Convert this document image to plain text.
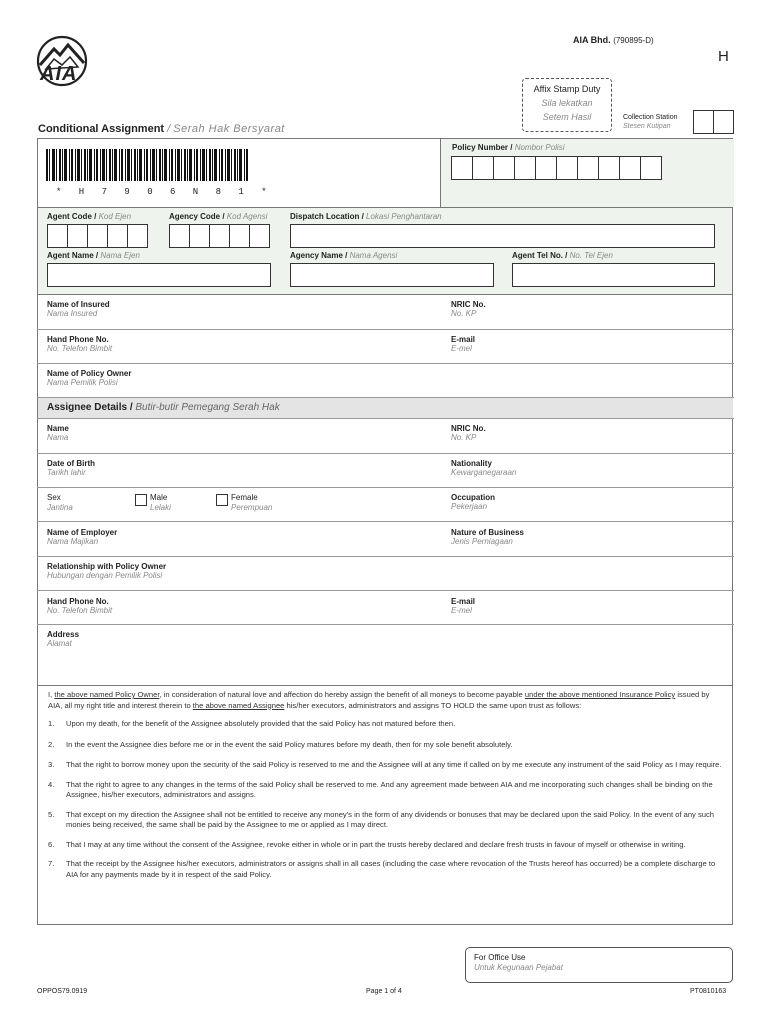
AIA
AIA Bhd. (790895-D)
H
Affix Stamp Duty
Sila lekatkan
Setem Hasil	Collection Station
Stesen Kutipan
Conditional Assignment / Serah Hak Bersyarat
* H 7 9 0 6 N 8 1 *
Policy Number / Nombor Polisi
Agent Code / Kod Ejen	Agency Code / Kod Agensi	Dispatch Location / Lokasi Penghantaran
Agent Name / Nama Ejen	Agency Name / Nama Agensi	Agent Tel No. / No. Tel Ejen
Name of Insured
Nama Insured
NRIC No.
No. KP
Hand Phone No.
No. Telefon Bimbit
E-mail
E-mel
Name of Policy Owner
Nama Pemilik Polisi
Assignee Details / Butir-butir Pemegang Serah Hak
Name
Nama
NRIC No.
No. KP
Date of Birth
Tarikh lahir
Nationality
Kewarganegaraan
Sex
Jantina
Male
Lelaki
Female
Perempuan
Occupation
Pekerjaan
Name of Employer
Nama Majikan
Nature of Business
Jenis Perniagaan
Relationship with Policy Owner
Hubungan dengan Pemilik Polisi
Hand Phone No.
No. Telefon Bimbit
E-mail
E-mel
Address
Alamat
I, the above named Policy Owner, in consideration of natural love and affection do hereby assign the benefit of all moneys to become payable under the above mentioned Insurance Policy issued by AIA, all my right title and interest therein to the above named Assignee his/her executors, administrators and assigns TO HOLD the same upon trust as follows:
1.	Upon my death, for the benefit of the Assignee absolutely provided that the said Policy has not matured before then.
2.	In the event the Assignee dies before me or in the event the said Policy matures before my death, then for my sole benefit absolutely.
3.	That the right to borrow money upon the security of the said Policy is reserved to me and the Assignee will at any time if called on by me execute any instrument of the said Policy as I may require.
4.	That the right to agree to any changes in the terms of the said Policy shall be reserved to me. And any agreement made between AIA and me incorporating such changes shall be binding on the Assignee, his/her executors, administrators and assigns.
5.	That except on my direction the Assignee shall not be entitled to receive any money's in the form of any dividends or bonuses that may be declared upon the said Policy. In the event of any such monies being received, the same shall be paid by the Assignee to me or applied as I may direct.
6.	That I may at any time without the consent of the Assignee, revoke either in whole or in part the trusts hereby declared and declare fresh trusts in favour of myself or otherwise in writing.
7.	That the receipt by the Assignee his/her executors, administrators or assigns shall in all cases (including the case where revocation of the Trusts hereof has occurred) be a complete discharge to AIA for any payments made by it in respect of the said Policy.
For Office Use
Untuk Kegunaan Pejabat
OPPOS79.0919	Page 1 of 4	PT0810163
